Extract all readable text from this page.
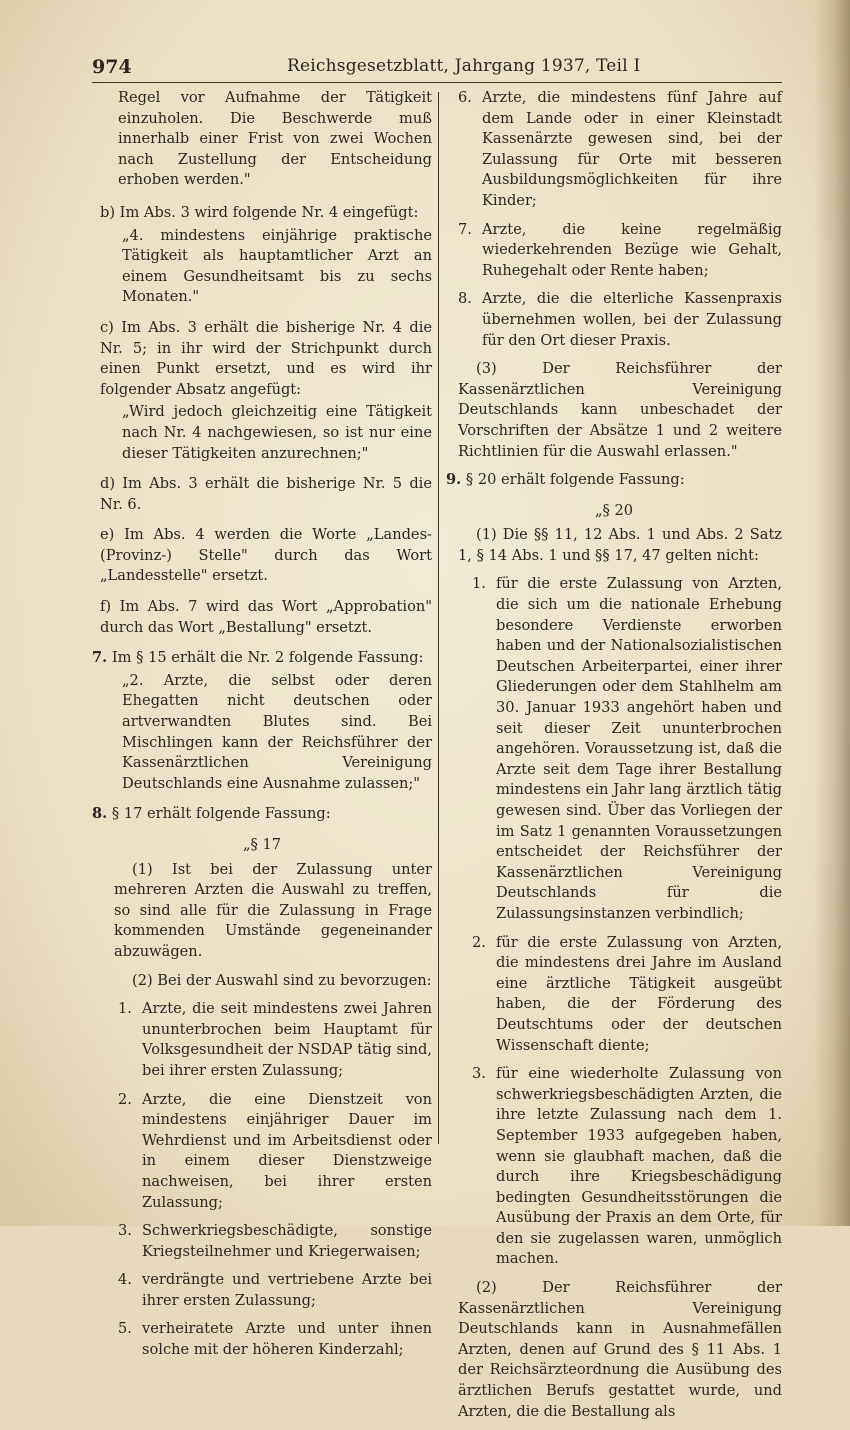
974	Reichsgesetzblatt, Jahrgang 1937, Teil I

Regel vor Aufnahme der Tätigkeit einzuholen. Die Beschwerde muß innerhalb einer Frist von zwei Wochen nach Zustellung der Entscheidung erhoben werden."

b) Im Abs. 3 wird folgende Nr. 4 eingefügt:

„4. mindestens einjährige praktische Tätigkeit als hauptamtlicher Arzt an einem Gesundheitsamt bis zu sechs Monaten."

c) Im Abs. 3 erhält die bisherige Nr. 4 die Nr. 5; in ihr wird der Strichpunkt durch einen Punkt ersetzt, und es wird ihr folgender Absatz angefügt:

„Wird jedoch gleichzeitig eine Tätigkeit nach Nr. 4 nachgewiesen, so ist nur eine dieser Tätigkeiten anzurechnen;"

d) Im Abs. 3 erhält die bisherige Nr. 5 die Nr. 6.

e) Im Abs. 4 werden die Worte „Landes- (Provinz-) Stelle" durch das Wort „Landesstelle" ersetzt.

f) Im Abs. 7 wird das Wort „Approbation" durch das Wort „Bestallung" ersetzt.

7. Im § 15 erhält die Nr. 2 folgende Fassung:

„2. Arzte, die selbst oder deren Ehegatten nicht deutschen oder artverwandten Blutes sind. Bei Mischlingen kann der Reichsführer der Kassenärztlichen Vereinigung Deutschlands eine Ausnahme zulassen;"

8. § 17 erhält folgende Fassung:

„§ 17

(1) Ist bei der Zulassung unter mehreren Arzten die Auswahl zu treffen, so sind alle für die Zulassung in Frage kommenden Umstände gegeneinander abzuwägen.

(2) Bei der Auswahl sind zu bevorzugen:

1. Arzte, die seit mindestens zwei Jahren ununterbrochen beim Hauptamt für Volksgesundheit der NSDAP tätig sind, bei ihrer ersten Zulassung;

2. Arzte, die eine Dienstzeit von mindestens einjähriger Dauer im Wehrdienst und im Arbeitsdienst oder in einem dieser Dienstzweige nachweisen, bei ihrer ersten Zulassung;

3. Schwerkriegsbeschädigte, sonstige Kriegsteilnehmer und Kriegerwaisen;

4. verdrängte und vertriebene Arzte bei ihrer ersten Zulassung;

5. verheiratete Arzte und unter ihnen solche mit der höheren Kinderzahl;

6. Arzte, die mindestens fünf Jahre auf dem Lande oder in einer Kleinstadt Kassenärzte gewesen sind, bei der Zulassung für Orte mit besseren Ausbildungsmöglichkeiten für ihre Kinder;

7. Arzte, die keine regelmäßig wiederkehrenden Bezüge wie Gehalt, Ruhegehalt oder Rente haben;

8. Arzte, die die elterliche Kassenpraxis übernehmen wollen, bei der Zulassung für den Ort dieser Praxis.

(3) Der Reichsführer der Kassenärztlichen Vereinigung Deutschlands kann unbeschadet der Vorschriften der Absätze 1 und 2 weitere Richtlinien für die Auswahl erlassen."

9. § 20 erhält folgende Fassung:

„§ 20

(1) Die §§ 11, 12 Abs. 1 und Abs. 2 Satz 1, § 14 Abs. 1 und §§ 17, 47 gelten nicht:

1. für die erste Zulassung von Arzten, die sich um die nationale Erhebung besondere Verdienste erworben haben und der Nationalsozialistischen Deutschen Arbeiterpartei, einer ihrer Gliederungen oder dem Stahlhelm am 30. Januar 1933 angehört haben und seit dieser Zeit ununterbrochen angehören. Voraussetzung ist, daß die Arzte seit dem Tage ihrer Bestallung mindestens ein Jahr lang ärztlich tätig gewesen sind. Über das Vorliegen der im Satz 1 genannten Voraussetzungen entscheidet der Reichsführer der Kassenärztlichen Vereinigung Deutschlands für die Zulassungsinstanzen verbindlich;

2. für die erste Zulassung von Arzten, die mindestens drei Jahre im Ausland eine ärztliche Tätigkeit ausgeübt haben, die der Förderung des Deutschtums oder der deutschen Wissenschaft diente;

3. für eine wiederholte Zulassung von schwerkriegsbeschädigten Arzten, die ihre letzte Zulassung nach dem 1. September 1933 aufgegeben haben, wenn sie glaubhaft machen, daß die durch ihre Kriegsbeschädigung bedingten Gesundheitsstörungen die Ausübung der Praxis an dem Orte, für den sie zugelassen waren, unmöglich machen.

(2) Der Reichsführer der Kassenärztlichen Vereinigung Deutschlands kann in Ausnahmefällen Arzten, denen auf Grund des § 11 Abs. 1 der Reichsärzteordnung die Ausübung des ärztlichen Berufs gestattet wurde, und Arzten, die die Bestallung als
